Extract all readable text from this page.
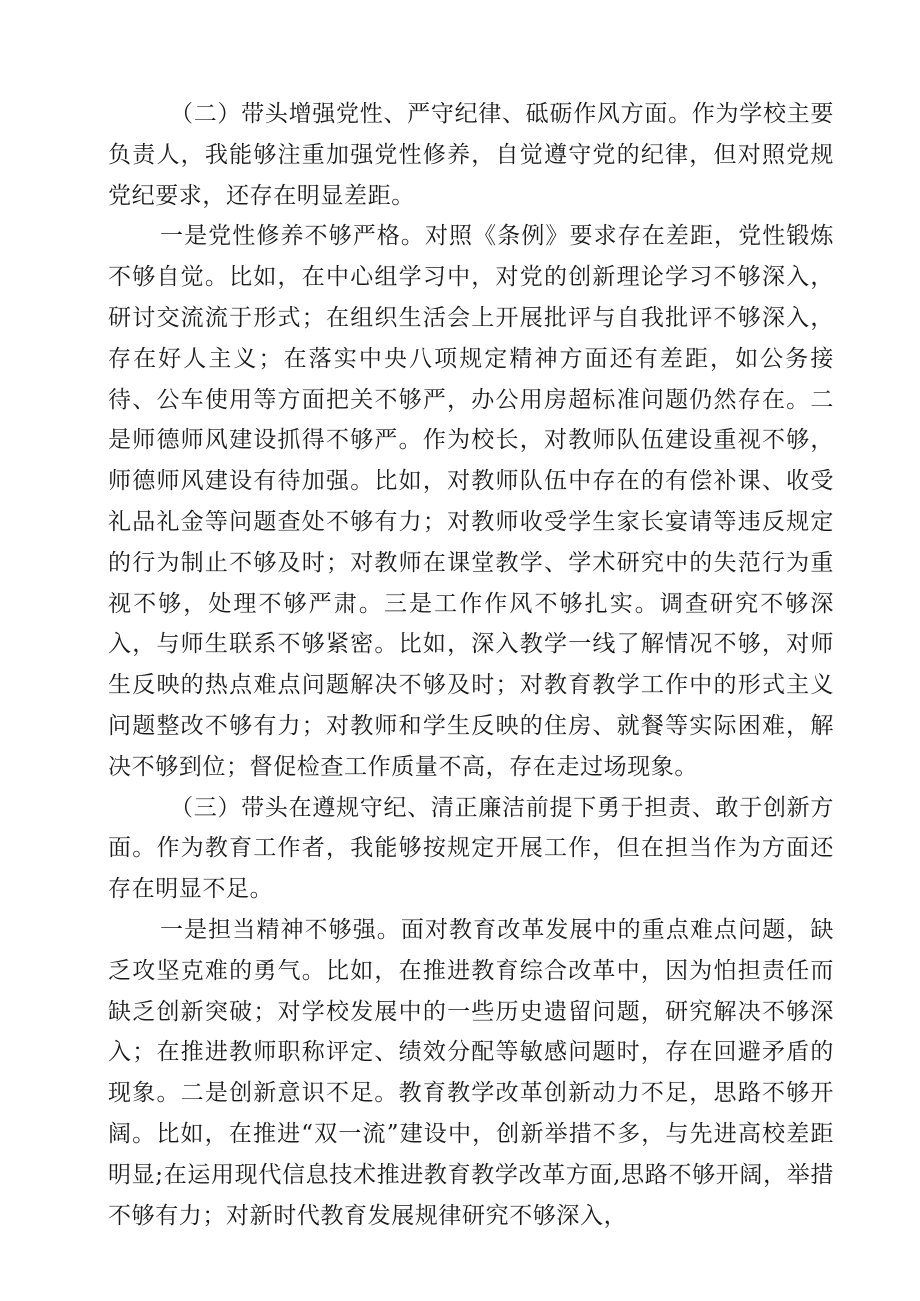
（二）带头增强党性、严守纪律、砥砺作风方面。作为学校主要负责人，我能够注重加强党性修养，自觉遵守党的纪律，但对照党规党纪要求，还存在明显差距。

一是党性修养不够严格。对照《条例》要求存在差距，党性锻炼不够自觉。比如，在中心组学习中，对党的创新理论学习不够深入，研讨交流流于形式；在组织生活会上开展批评与自我批评不够深入，存在好人主义；在落实中央八项规定精神方面还有差距，如公务接待、公车使用等方面把关不够严，办公用房超标准问题仍然存在。二是师德师风建设抓得不够严。作为校长，对教师队伍建设重视不够，师德师风建设有待加强。比如，对教师队伍中存在的有偿补课、收受礼品礼金等问题查处不够有力；对教师收受学生家长宴请等违反规定的行为制止不够及时；对教师在课堂教学、学术研究中的失范行为重视不够，处理不够严肃。三是工作作风不够扎实。调查研究不够深入，与师生联系不够紧密。比如，深入教学一线了解情况不够，对师生反映的热点难点问题解决不够及时；对教育教学工作中的形式主义问题整改不够有力；对教师和学生反映的住房、就餐等实际困难，解决不够到位；督促检查工作质量不高，存在走过场现象。

（三）带头在遵规守纪、清正廉洁前提下勇于担责、敢于创新方面。作为教育工作者，我能够按规定开展工作，但在担当作为方面还存在明显不足。

一是担当精神不够强。面对教育改革发展中的重点难点问题，缺乏攻坚克难的勇气。比如，在推进教育综合改革中，因为怕担责任而缺乏创新突破；对学校发展中的一些历史遗留问题，研究解决不够深入；在推进教师职称评定、绩效分配等敏感问题时，存在回避矛盾的现象。二是创新意识不足。教育教学改革创新动力不足，思路不够开阔。比如，在推进“双一流”建设中，创新举措不多，与先进高校差距明显;在运用现代信息技术推进教育教学改革方面,思路不够开阔，举措不够有力；对新时代教育发展规律研究不够深入，
